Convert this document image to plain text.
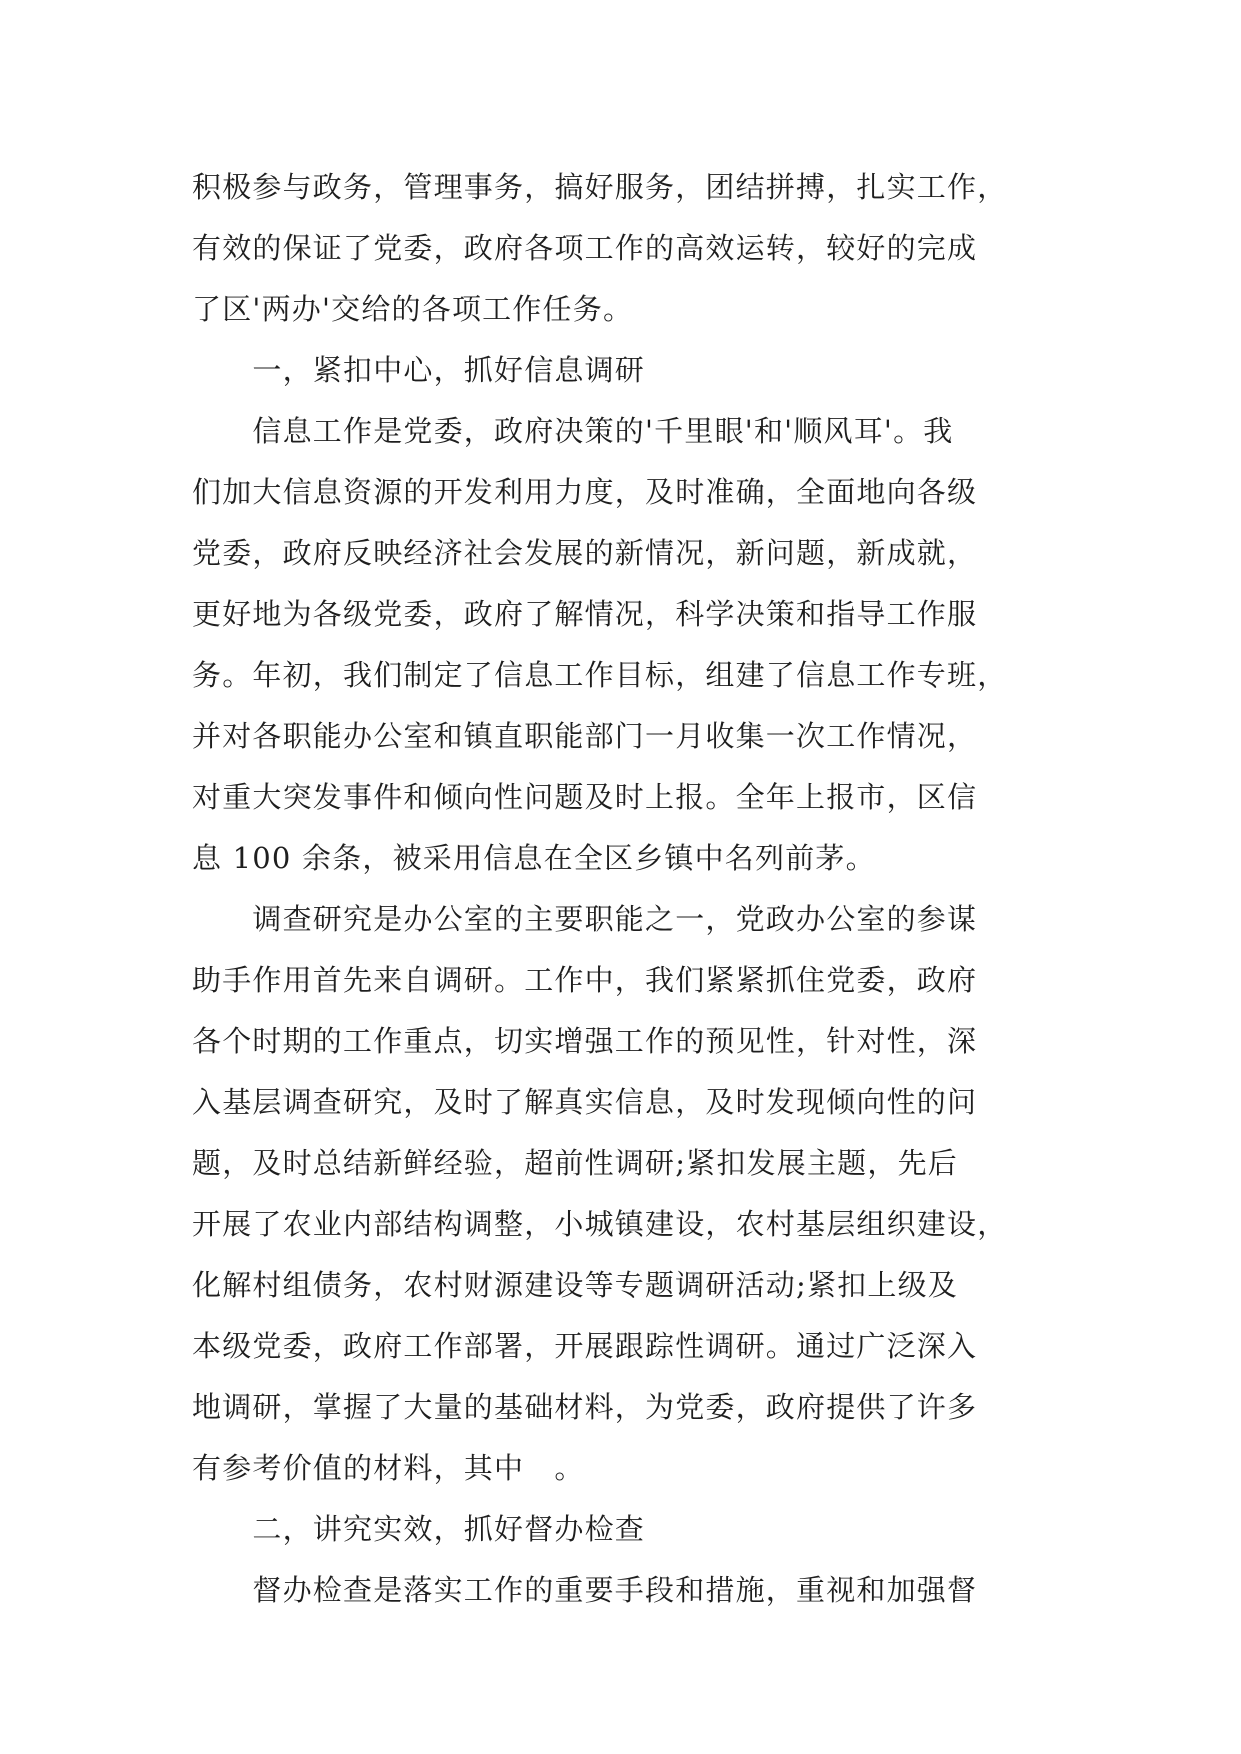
积极参与政务，管理事务，搞好服务，团结拼搏，扎实工作，
有效的保证了党委，政府各项工作的高效运转，较好的完成
了区'两办'交给的各项工作任务。
　　一，紧扣中心，抓好信息调研
　　信息工作是党委，政府决策的'千里眼'和'顺风耳'。我
们加大信息资源的开发利用力度，及时准确，全面地向各级
党委，政府反映经济社会发展的新情况，新问题，新成就，
更好地为各级党委，政府了解情况，科学决策和指导工作服
务。年初，我们制定了信息工作目标，组建了信息工作专班，
并对各职能办公室和镇直职能部门一月收集一次工作情况，
对重大突发事件和倾向性问题及时上报。全年上报市，区信
息 100 余条，被采用信息在全区乡镇中名列前茅。
　　调查研究是办公室的主要职能之一，党政办公室的参谋
助手作用首先来自调研。工作中，我们紧紧抓住党委，政府
各个时期的工作重点，切实增强工作的预见性，针对性，深
入基层调查研究，及时了解真实信息，及时发现倾向性的问
题，及时总结新鲜经验，超前性调研;紧扣发展主题，先后
开展了农业内部结构调整，小城镇建设，农村基层组织建设，
化解村组债务，农村财源建设等专题调研活动;紧扣上级及
本级党委，政府工作部署，开展跟踪性调研。通过广泛深入
地调研，掌握了大量的基础材料，为党委，政府提供了许多
有参考价值的材料，其中　。
　　二，讲究实效，抓好督办检查
　　督办检查是落实工作的重要手段和措施，重视和加强督
